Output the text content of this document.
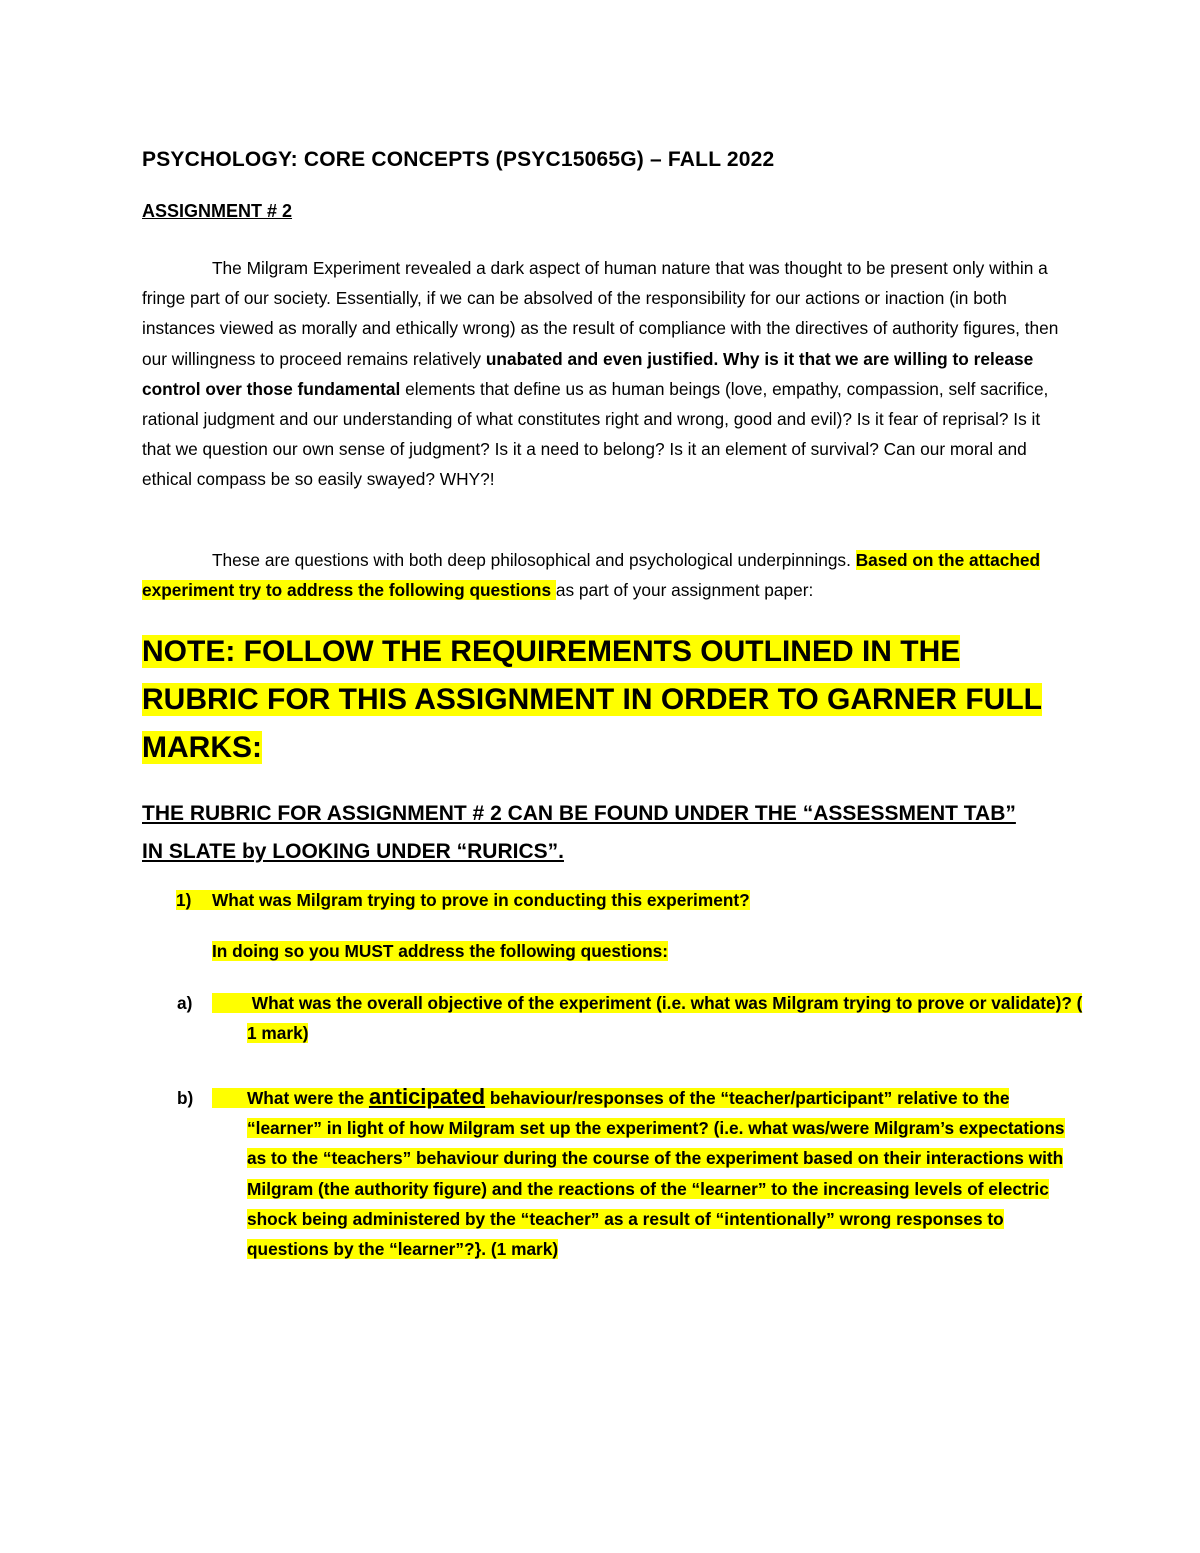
PSYCHOLOGY: CORE CONCEPTS (PSYC15065G) – FALL 2022
ASSIGNMENT # 2

The Milgram Experiment revealed a dark aspect of human nature that was thought to be present only within a fringe part of our society. Essentially, if we can be absolved of the responsibility for our actions or inaction (in both instances viewed as morally and ethically wrong) as the result of compliance with the directives of authority figures, then our willingness to proceed remains relatively unabated and even justified. Why is it that we are willing to release control over those fundamental elements that define us as human beings (love, empathy, compassion, self sacrifice, rational judgment and our understanding of what constitutes right and wrong, good and evil)? Is it fear of reprisal? Is it that we question our own sense of judgment? Is it a need to belong? Is it an element of survival? Can our moral and ethical compass be so easily swayed? WHY?!

These are questions with both deep philosophical and psychological underpinnings. Based on the attached experiment try to address the following questions as part of your assignment paper:

NOTE: FOLLOW THE REQUIREMENTS OUTLINED IN THE RUBRIC FOR THIS ASSIGNMENT IN ORDER TO GARNER FULL MARKS:

THE RUBRIC FOR ASSIGNMENT # 2 CAN BE FOUND UNDER THE “ASSESSMENT TAB” IN SLATE by LOOKING UNDER “RURICS”.

1) What was Milgram trying to prove in conducting this experiment?
In doing so you MUST address the following questions:

a)	What was the overall objective of the experiment (i.e. what was Milgram trying to prove or validate)? ( 1 mark)

b)	What were the anticipated behaviour/responses of the “teacher/participant” relative to the “learner” in light of how Milgram set up the experiment? (i.e. what was/were Milgram’s expectations as to the “teachers” behaviour during the course of the experiment based on their interactions with Milgram (the authority figure) and the reactions of the “learner” to the increasing levels of electric shock being administered by the “teacher” as a result of “intentionally” wrong responses to questions by the “learner”?}. (1 mark)
